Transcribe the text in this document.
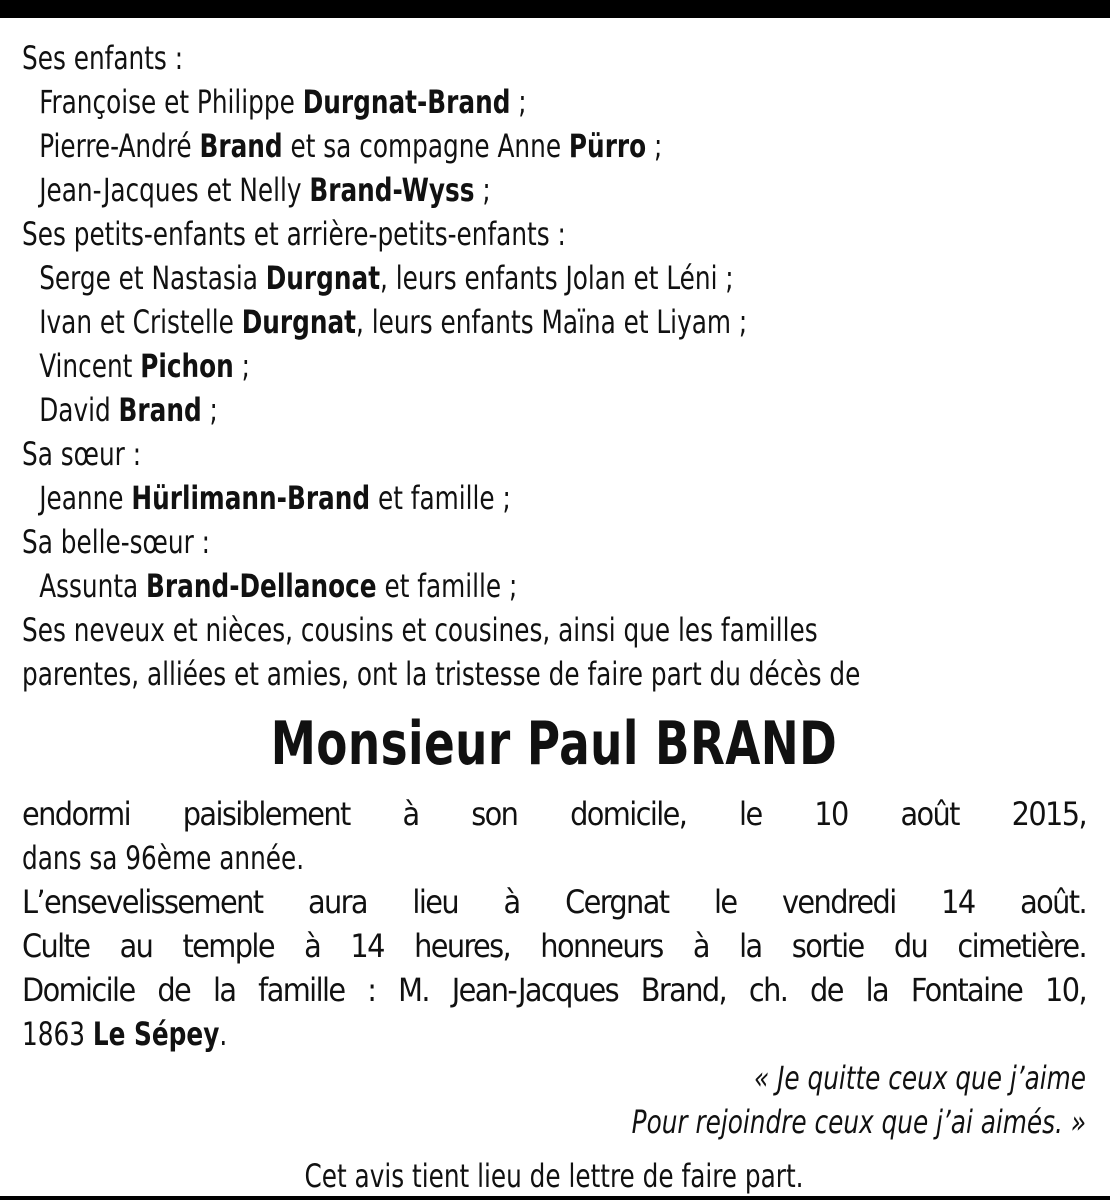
Ses enfants :
Françoise et Philippe Durgnat-Brand ;
Pierre-André Brand et sa compagne Anne Pürro ;
Jean-Jacques et Nelly Brand-Wyss ;
Ses petits-enfants et arrière-petits-enfants :
Serge et Nastasia Durgnat, leurs enfants Jolan et Léni ;
Ivan et Cristelle Durgnat, leurs enfants Maïna et Liyam ;
Vincent Pichon ;
David Brand ;
Sa sœur :
Jeanne Hürlimann-Brand et famille ;
Sa belle-sœur :
Assunta Brand-Dellanoce et famille ;
Ses neveux et nièces, cousins et cousines, ainsi que les familles
parentes, alliées et amies, ont la tristesse de faire part du décès de
Monsieur Paul BRAND
endormi paisiblement à son domicile, le 10 août 2015,
dans sa 96ème année.
L’ensevelissement aura lieu à Cergnat le vendredi 14 août.
Culte au temple à 14 heures, honneurs à la sortie du cimetière.
Domicile de la famille : M. Jean-Jacques Brand, ch. de la Fontaine 10,
1863 Le Sépey.
« Je quitte ceux que j’aime
Pour rejoindre ceux que j’ai aimés. »
Cet avis tient lieu de lettre de faire part.
